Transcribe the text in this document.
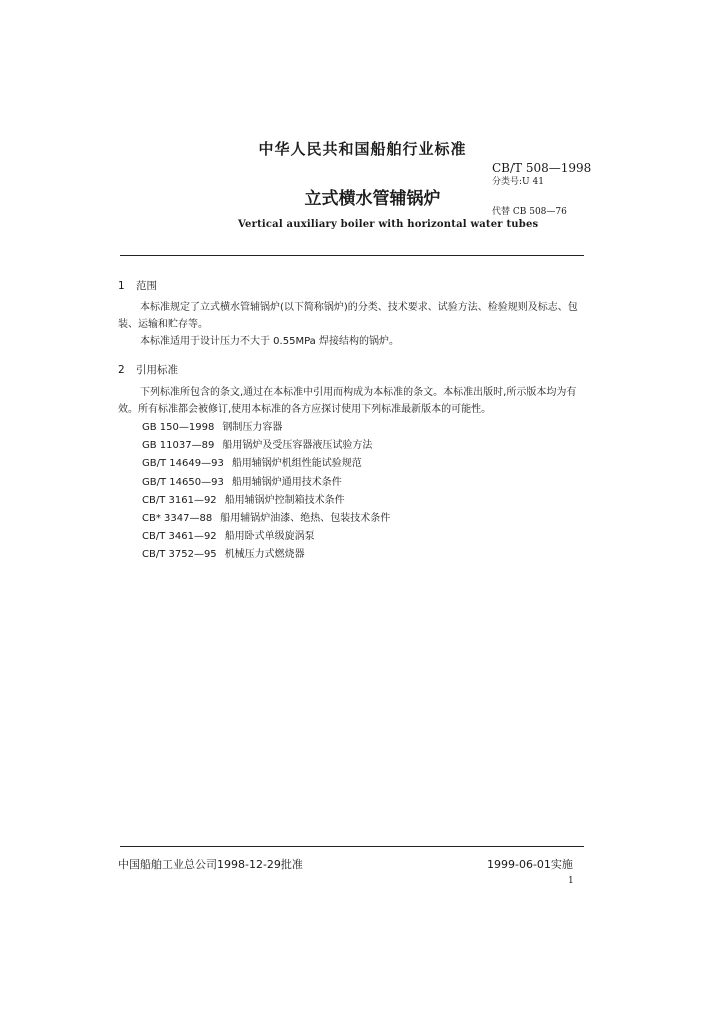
中华人民共和国船舶行业标准
CB/T 508—1998
分类号:U 41
立式横水管辅锅炉
代替 CB 508—76
Vertical auxiliary boiler with horizontal water tubes
1 范围
本标准规定了立式横水管辅锅炉(以下简称锅炉)的分类、技术要求、试验方法、检验规则及标志、包装、运输和贮存等。
本标准适用于设计压力不大于 0.55MPa 焊接结构的锅炉。
2 引用标准
下列标准所包含的条文,通过在本标准中引用而构成为本标准的条文。本标准出版时,所示版本均为有效。所有标准都会被修订,使用本标准的各方应探讨使用下列标准最新版本的可能性。
GB 150—1998 钢制压力容器
GB 11037—89 船用锅炉及受压容器液压试验方法
GB/T 14649—93 船用辅锅炉机组性能试验规范
GB/T 14650—93 船用辅锅炉通用技术条件
CB/T 3161—92 船用辅锅炉控制箱技术条件
CB* 3347—88 船用辅锅炉油漆、绝热、包装技术条件
CB/T 3461—92 船用卧式单级旋涡泵
CB/T 3752—95 机械压力式燃烧器
中国船舶工业总公司1998-12-29批准	1999-06-01实施
1
